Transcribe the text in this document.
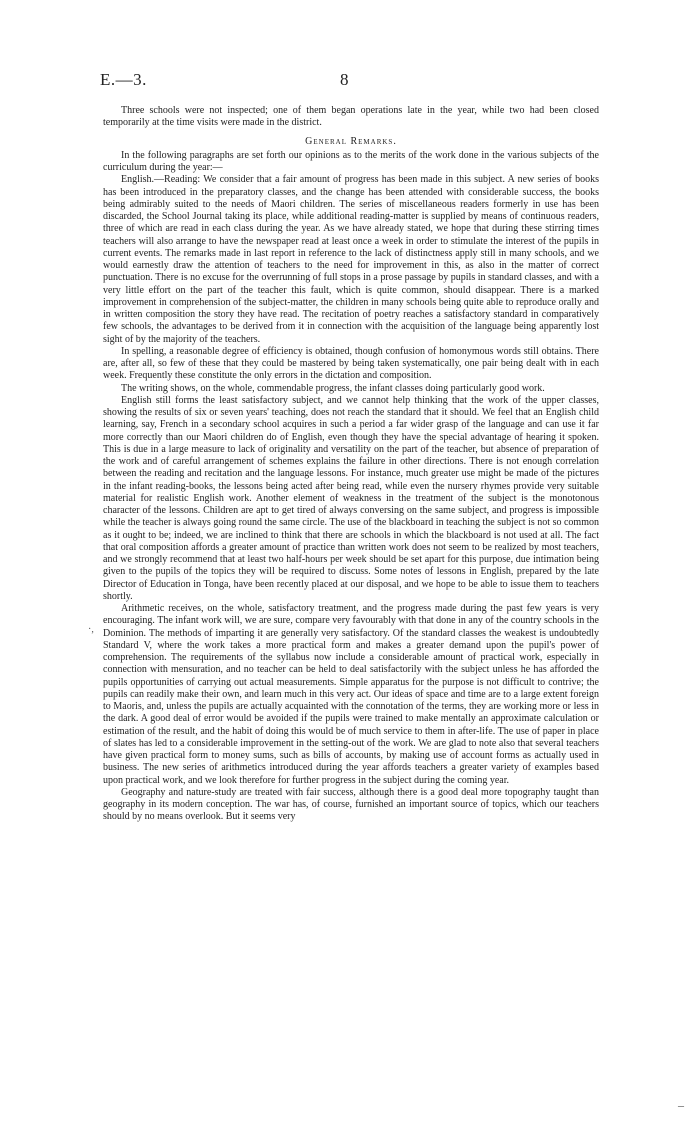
E.—3.	8

Three schools were not inspected; one of them began operations late in the year, while two had been closed temporarily at the time visits were made in the district.

General Remarks.

In the following paragraphs are set forth our opinions as to the merits of the work done in the various subjects of the curriculum during the year:—

English.—Reading: We consider that a fair amount of progress has been made in this subject. A new series of books has been introduced in the preparatory classes, and the change has been attended with considerable success, the books being admirably suited to the needs of Maori children. The series of miscellaneous readers formerly in use has been discarded, the School Journal taking its place, while additional reading-matter is supplied by means of continuous readers, three of which are read in each class during the year. As we have already stated, we hope that during these stirring times teachers will also arrange to have the newspaper read at least once a week in order to stimulate the interest of the pupils in current events. The remarks made in last report in reference to the lack of distinctness apply still in many schools, and we would earnestly draw the attention of teachers to the need for improvement in this, as also in the matter of correct punctuation. There is no excuse for the overrunning of full stops in a prose passage by pupils in standard classes, and with a very little effort on the part of the teacher this fault, which is quite common, should disappear. There is a marked improvement in comprehension of the subject-matter, the children in many schools being quite able to reproduce orally and in written composition the story they have read. The recitation of poetry reaches a satisfactory standard in comparatively few schools, the advantages to be derived from it in connection with the acquisition of the language being apparently lost sight of by the majority of the teachers.

In spelling, a reasonable degree of efficiency is obtained, though confusion of homonymous words still obtains. There are, after all, so few of these that they could be mastered by being taken systematically, one pair being dealt with in each week. Frequently these constitute the only errors in the dictation and composition.

The writing shows, on the whole, commendable progress, the infant classes doing particularly good work.

English still forms the least satisfactory subject, and we cannot help thinking that the work of the upper classes, showing the results of six or seven years' teaching, does not reach the standard that it should. We feel that an English child learning, say, French in a secondary school acquires in such a period a far wider grasp of the language and can use it far more correctly than our Maori children do of English, even though they have the special advantage of hearing it spoken. This is due in a large measure to lack of originality and versatility on the part of the teacher, but absence of preparation of the work and of careful arrangement of schemes explains the failure in other directions. There is not enough correlation between the reading and recitation and the language lessons. For instance, much greater use might be made of the pictures in the infant reading-books, the lessons being acted after being read, while even the nursery rhymes provide very suitable material for realistic English work. Another element of weakness in the treatment of the subject is the monotonous character of the lessons. Children are apt to get tired of always conversing on the same subject, and progress is impossible while the teacher is always going round the same circle. The use of the blackboard in teaching the subject is not so common as it ought to be; indeed, we are inclined to think that there are schools in which the blackboard is not used at all. The fact that oral composition affords a greater amount of practice than written work does not seem to be realized by most teachers, and we strongly recommend that at least two half-hours per week should be set apart for this purpose, due intimation being given to the pupils of the topics they will be required to discuss. Some notes of lessons in English, prepared by the late Director of Education in Tonga, have been recently placed at our disposal, and we hope to be able to issue them to teachers shortly.

Arithmetic receives, on the whole, satisfactory treatment, and the progress made during the past few years is very encouraging. The infant work will, we are sure, compare very favourably with that done in any of the country schools in the Dominion. The methods of imparting it are generally very satisfactory. Of the standard classes the weakest is undoubtedly Standard V, where the work takes a more practical form and makes a greater demand upon the pupil's power of comprehension. The requirements of the syllabus now include a considerable amount of practical work, especially in connection with mensuration, and no teacher can be held to deal satisfactorily with the subject unless he has afforded the pupils opportunities of carrying out actual measurements. Simple apparatus for the purpose is not difficult to contrive; the pupils can readily make their own, and learn much in this very act. Our ideas of space and time are to a large extent foreign to Maoris, and, unless the pupils are actually acquainted with the connotation of the terms, they are working more or less in the dark. A good deal of error would be avoided if the pupils were trained to make mentally an approximate calculation or estimation of the result, and the habit of doing this would be of much service to them in after-life. The use of paper in place of slates has led to a considerable improvement in the setting-out of the work. We are glad to note also that several teachers have given practical form to money sums, such as bills of accounts, by making use of account forms as actually used in business. The new series of arithmetics introduced during the year affords teachers a greater variety of examples based upon practical work, and we look therefore for further progress in the subject during the coming year.

Geography and nature-study are treated with fair success, although there is a good deal more topography taught than geography in its modern conception. The war has, of course, furnished an important source of topics, which our teachers should by no means overlook. But it seems very

·,
–
